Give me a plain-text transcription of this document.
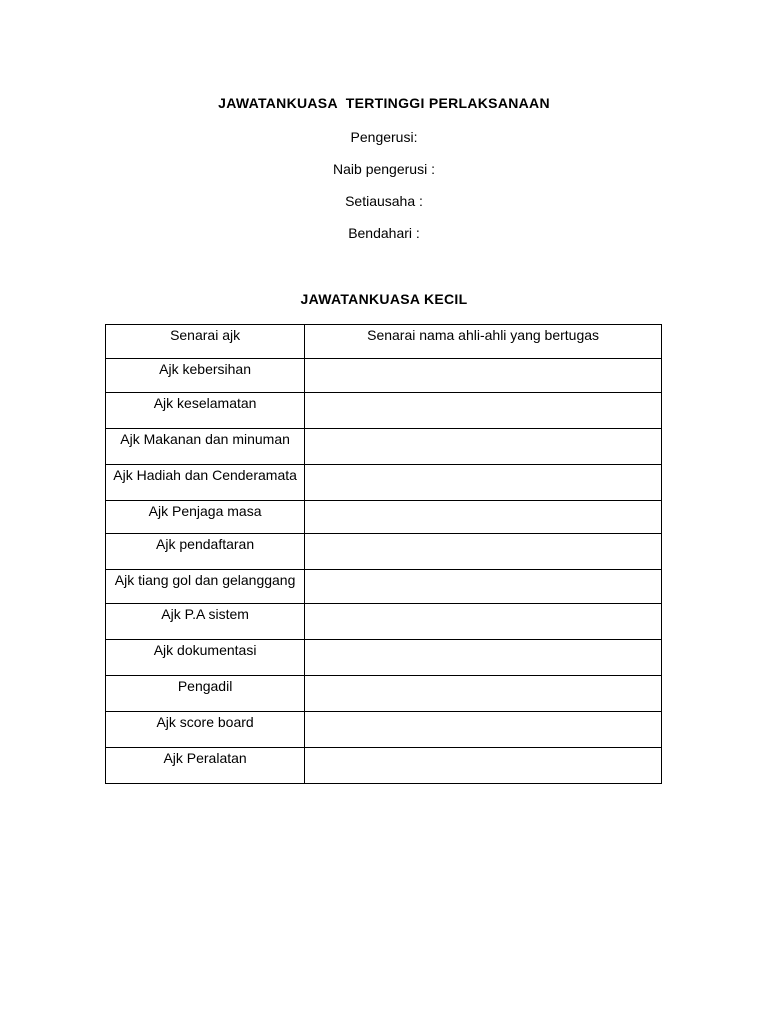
JAWATANKUASA  TERTINGGI PERLAKSANAAN
Pengerusi:
Naib pengerusi :
Setiausaha :
Bendahari :
JAWATANKUASA KECIL
Senarai ajk	Senarai nama ahli-ahli yang bertugas

Ajk kebersihan	

Ajk keselamatan	

Ajk Makanan dan minuman	

Ajk Hadiah dan Cenderamata	

Ajk Penjaga masa	

Ajk pendaftaran	

Ajk tiang gol dan gelanggang	

Ajk P.A sistem	

Ajk dokumentasi	

Pengadil	

Ajk score board	

Ajk Peralatan	
